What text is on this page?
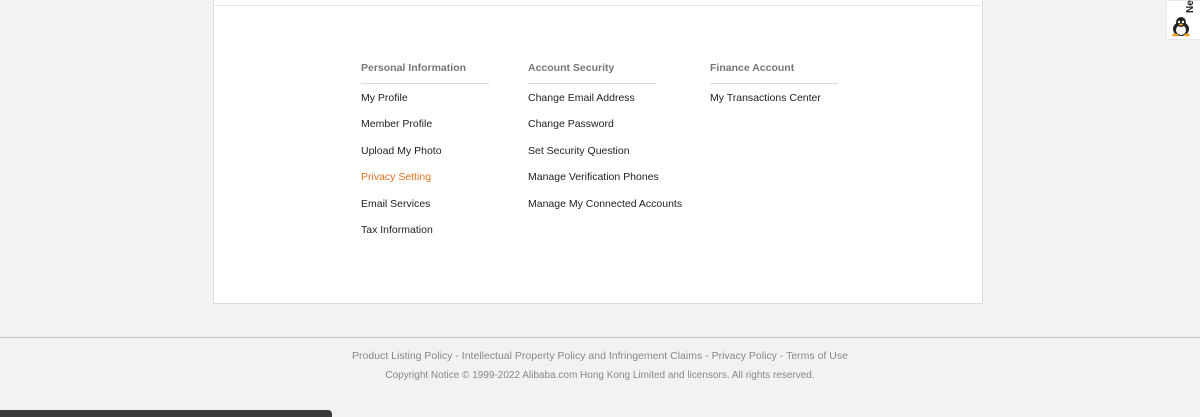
Personal Information
My Profile
Member Profile
Upload My Photo
Privacy Setting
Email Services
Tax Information
Account Security
Change Email Address
Change Password
Set Security Question
Manage Verification Phones
Manage My Connected Accounts
Finance Account
My Transactions Center
Product Listing Policy - Intellectual Property Policy and Infringement Claims - Privacy Policy - Terms of Use
Copyright Notice © 1999-2022 Alibaba.com Hong Kong Limited and licensors. All rights reserved.
Ne
